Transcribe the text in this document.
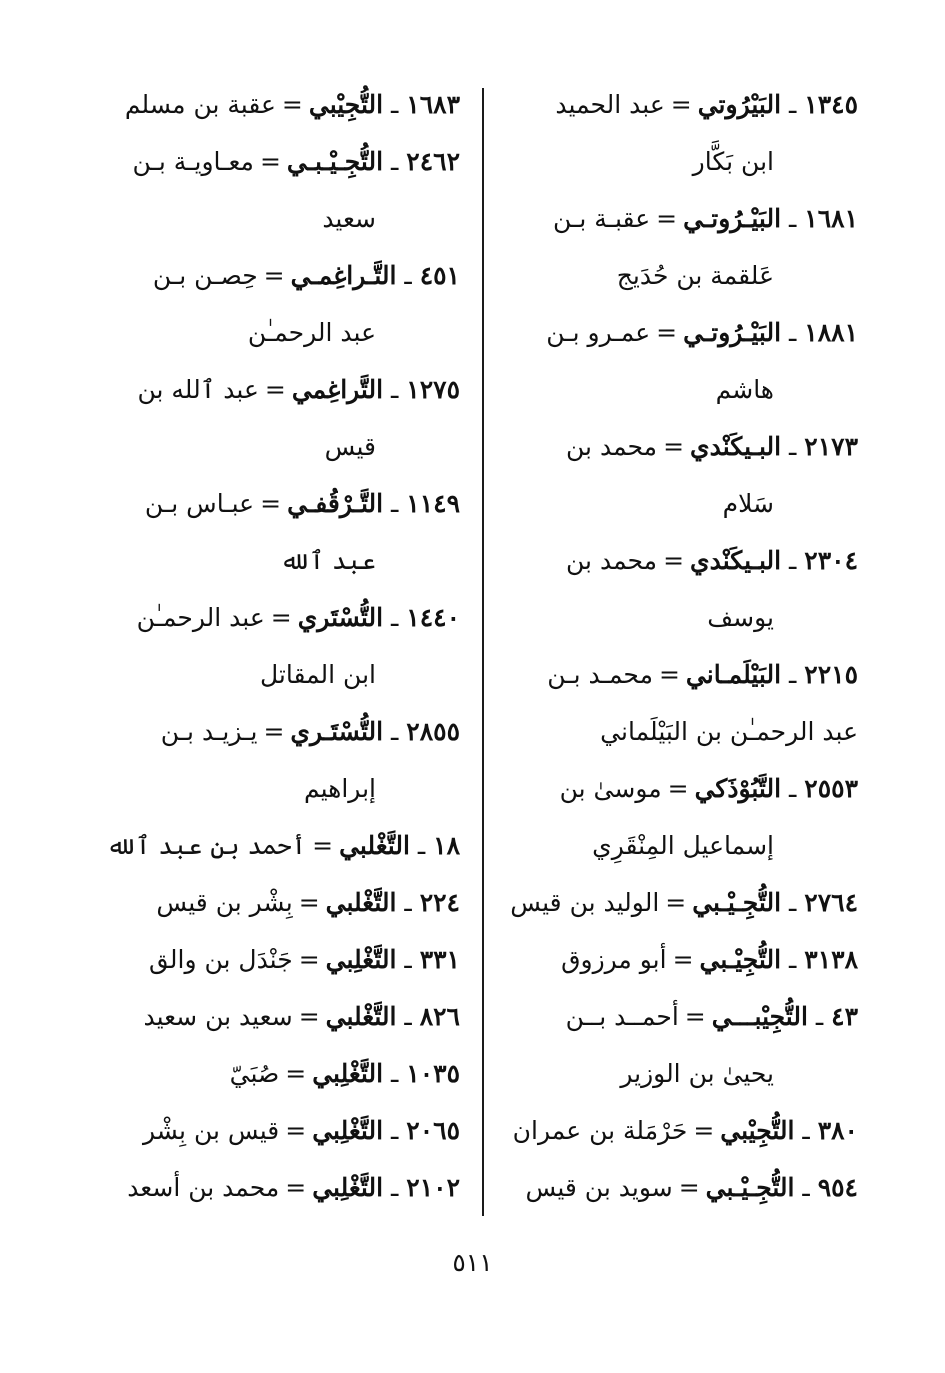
١٣٤٥ ـ البَيْرُوتي=عبد الحميد
ابن بَكَّار
١٦٨١ ـ البَيْـرُوتـي=عقبـة بـن
عَلقمة بن حُدَيج
١٨٨١ ـ البَيْـرُوتـي=عمـرو بـن
هاشم
٢١٧٣ ـ البـيكَنْدي=محمد بن
سَلام
٢٣٠٤ ـ البـيكَنْدي=محمد بن
يوسف
٢٢١٥ ـ البَيْلَمـاني=محمـد بـن
عبد الرحمـٰن بن البَيْلَماني
٢٥٥٣ ـ التَّبُوْذَكي=موسىٰ بن
إسماعيل المِنْقَرِي
٢٧٦٤ ـ التُّجِـيْـبي=الوليد بن قيس
٣١٣٨ ـ التُّجِيْـبي=أبو مرزوق
٤٣ ـ التُّجِيْبـــي=أحمــد بــن
يحيىٰ بن الوزير
٣٨٠ ـ التُّجِيْبي=حَرْمَلة بن عمران
٩٥٤ ـ التُّجِـيْـبي=سويد بن قيس
١٦٨٣ ـ التُّجِيْبي=عقبة بن مسلم
٢٤٦٢ ـ التُّجِـيْـبـي=معـاويـة بـن
سعيد
٤٥١ ـ التَّـراغِمـي=حِصـن بـن
عبد الرحمـٰن
١٢٧٥ ـ التَّراغِمي=عبد ٱلله بن
قيس
١١٤٩ ـ التَّـرْقُفـي=عبـاس بـن
عبد ٱلله
١٤٤٠ ـ التُّسْتَري=عبد الرحمـٰن
ابن المقاتل
٢٨٥٥ ـ التُّسْتَـري=يـزيـد بـن
إبراهيم
١٨ ـ التَّغْلبي=أحمد بن عبد ٱلله
٢٢٤ ـ التَّغْلبي=بِشْر بن قيس
٣٣١ ـ التَّغْلِبي=جَنْدَل بن والق
٨٢٦ ـ التَّغْلبي=سعيد بن سعيد
١٠٣٥ ـ التَّغْلِبي=صُبَيّ
٢٠٦٥ ـ التَّغْلِبي=قيس بن بِشْر
٢١٠٢ ـ التَّغْلِبي=محمد بن أسعد
٥١١
